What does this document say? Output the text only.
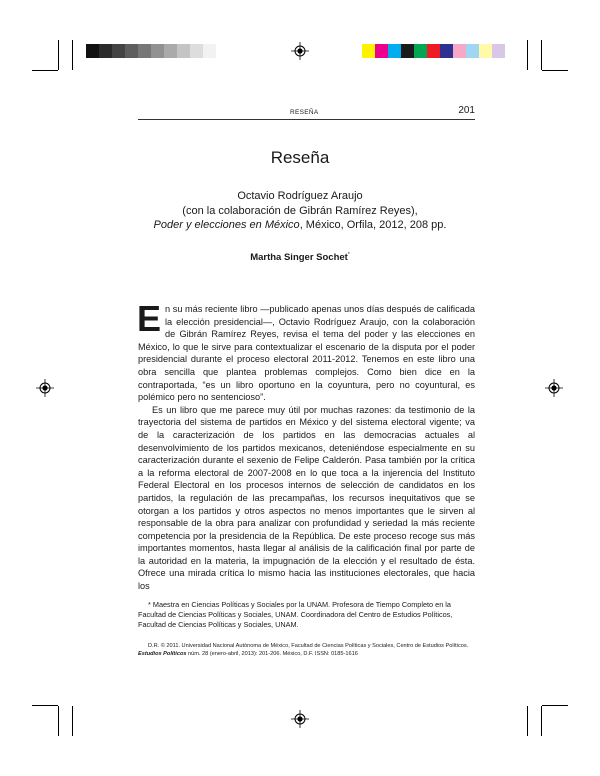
RESEÑA	201
Reseña
Octavio Rodríguez Araujo
(con la colaboración de Gibrán Ramírez Reyes),
Poder y elecciones en México, México, Orfila, 2012, 208 pp.
Martha Singer Sochet*

En su más reciente libro —publicado apenas unos días después de calificada la elección presidencial—, Octavio Rodríguez Araujo, con la colaboración de Gibrán Ramírez Reyes, revisa el tema del poder y las elecciones en México, lo que le sirve para contextualizar el escenario de la disputa por el poder presidencial durante el proceso electoral 2011-2012. Tenemos en este libro una obra sencilla que plantea problemas complejos. Como bien dice en la contraportada, “es un libro oportuno en la coyuntura, pero no coyuntural, es polémico pero no sentencioso”.

Es un libro que me parece muy útil por muchas razones: da testimonio de la trayectoria del sistema de partidos en México y del sistema electoral vigente; va de la caracterización de los partidos en las democracias actuales al desenvolvimiento de los partidos mexicanos, deteniéndose especialmente en su caracterización durante el sexenio de Felipe Calderón. Pasa también por la crítica a la reforma electoral de 2007-2008 en lo que toca a la injerencia del Instituto Federal Electoral en los procesos internos de selección de candidatos en los partidos, la regulación de las precampañas, los recursos inequitativos que se otorgan a los partidos y otros aspectos no menos importantes que le sirven al responsable de la obra para analizar con profundidad y seriedad la más reciente competencia por la presidencia de la República. De este proceso recoge sus más importantes momentos, hasta llegar al análisis de la calificación final por parte de la autoridad en la materia, la impugnación de la elección y el resultado de ésta. Ofrece una mirada crítica lo mismo hacia las instituciones electorales, que hacia los

* Maestra en Ciencias Políticas y Sociales por la UNAM. Profesora de Tiempo Completo en la Facultad de Ciencias Políticas y Sociales, UNAM. Coordinadora del Centro de Estudios Políticos, Facultad de Ciencias Políticas y Sociales, UNAM.

D.R. © 2011. Universidad Nacional Autónoma de México, Facultad de Ciencias Políticas y Sociales, Centro de Estudios Políticos. Estudios Políticos núm. 28 (enero-abril, 2013): 201-206. México, D.F. ISSN: 0185-1616
